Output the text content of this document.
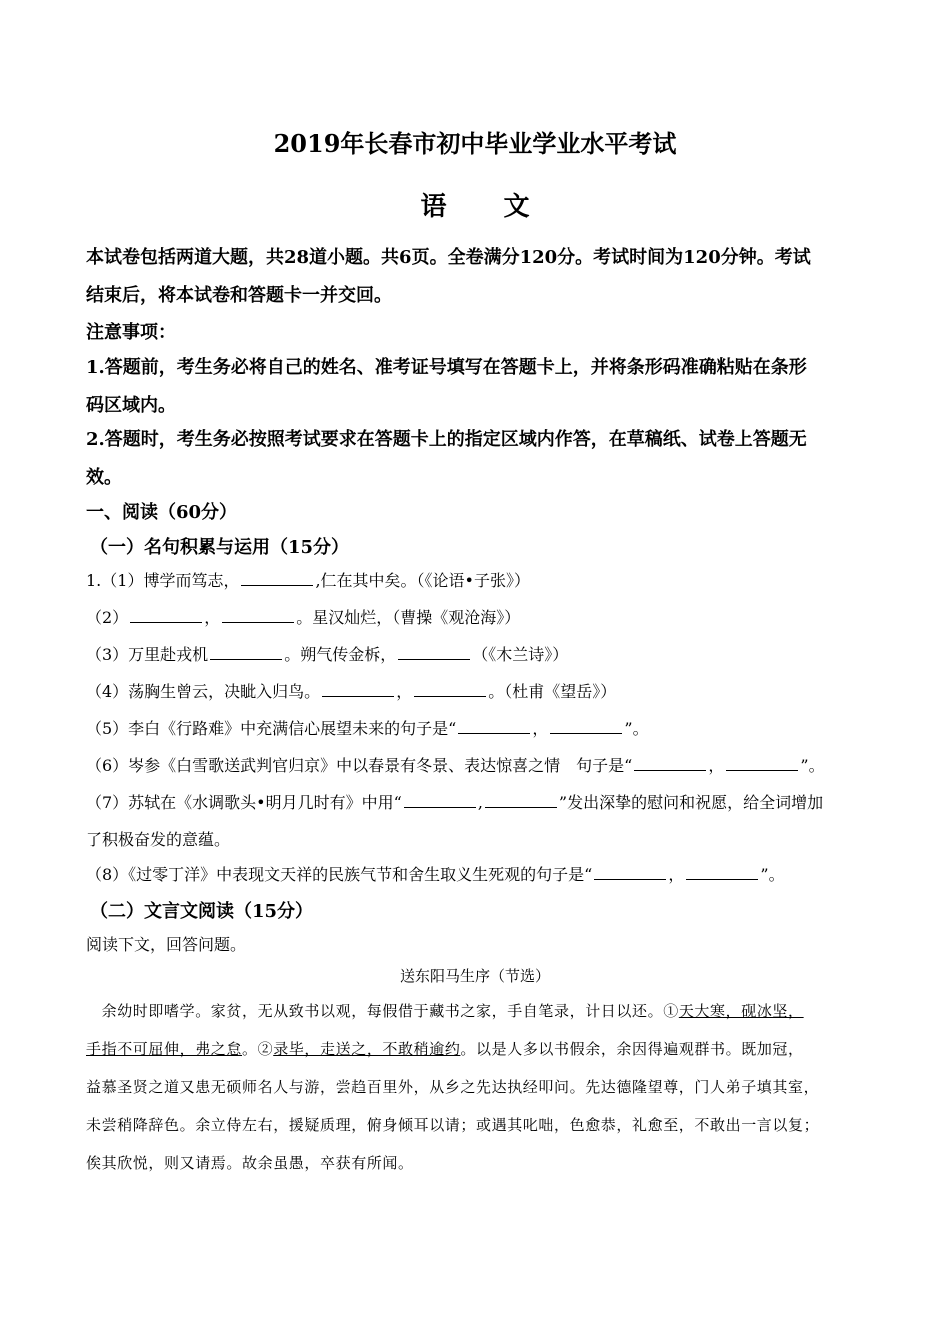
2019年长春市初中毕业学业水平考试
语 文
本试卷包括两道大题，共28道小题。共6页。全卷满分120分。考试时间为120分钟。考试
结束后，将本试卷和答题卡一并交回。
注意事项：
1.答题前，考生务必将自己的姓名、准考证号填写在答题卡上，并将条形码准确粘贴在条形
码区域内。
2.答题时，考生务必按照考试要求在答题卡上的指定区域内作答，在草稿纸、试卷上答题无
效。
一、阅读（60分）
（一）名句积累与运用（15分）
1.（1）博学而笃志，	,仁在其中矣。（《论语•子张》）
（2）	，	。星汉灿烂，（曹操《观沧海》）
（3）万里赴戎机	。朔气传金柝，	（《木兰诗》）
（4）荡胸生曾云，决眦入归鸟。	，	。（杜甫《望岳》）
（5）李白《行路难》中充满信心展望未来的句子是“	，	”。
（6）岑参《白雪歌送武判官归京》中以春景有冬景、表达惊喜之情　句子是“	，	”。
（7）苏轼在《水调歌头•明月几时有》中用“	,	”发出深挚的慰问和祝愿，给全词增加
了积极奋发的意蕴。
（8）《过零丁洋》中表现文天祥的民族气节和舍生取义生死观的句子是“	，	”。
（二）文言文阅读（15分）
阅读下文，回答问题。
送东阳马生序（节选）
　余幼时即嗜学。家贫，无从致书以观，每假借于藏书之家，手自笔录，计日以还。①天大寒，砚冰坚，
手指不可屈伸，弗之怠。②录毕，走送之，不敢稍逾约。以是人多以书假余，余因得遍观群书。既加冠，
益慕圣贤之道又患无硕师名人与游，尝趋百里外，从乡之先达执经叩问。先达德隆望尊，门人弟子填其室，
未尝稍降辞色。余立侍左右，援疑质理，俯身倾耳以请；或遇其叱咄，色愈恭，礼愈至，不敢出一言以复；
俟其欣悦，则又请焉。故余虽愚，卒获有所闻。
